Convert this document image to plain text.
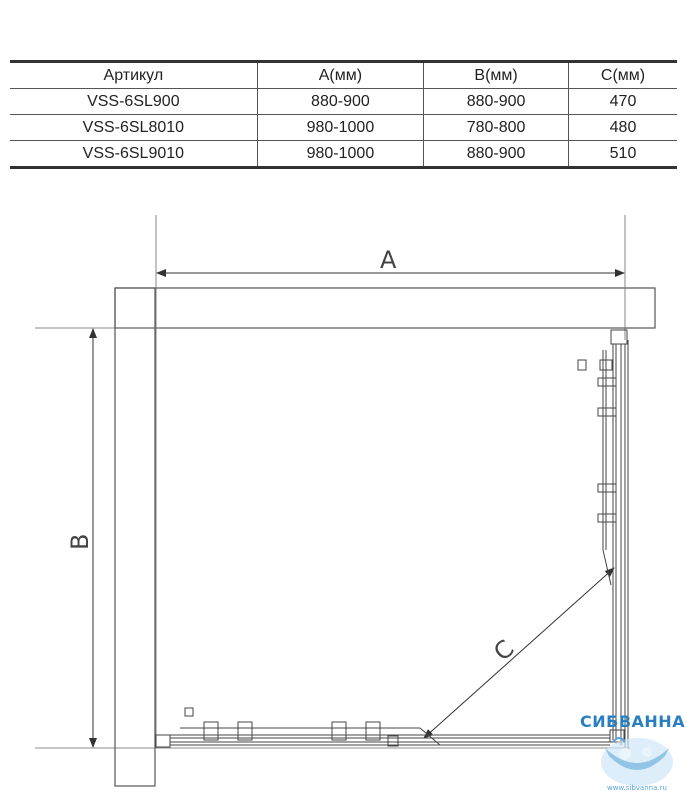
Артикул	A(мм)	B(мм)	C(мм)
VSS-6SL900	880-900	880-900	470
VSS-6SL8010	980-1000	780-800	480
VSS-6SL9010	980-1000	880-900	510
A
B
C
СИБВАННА
www.sibvanna.ru
